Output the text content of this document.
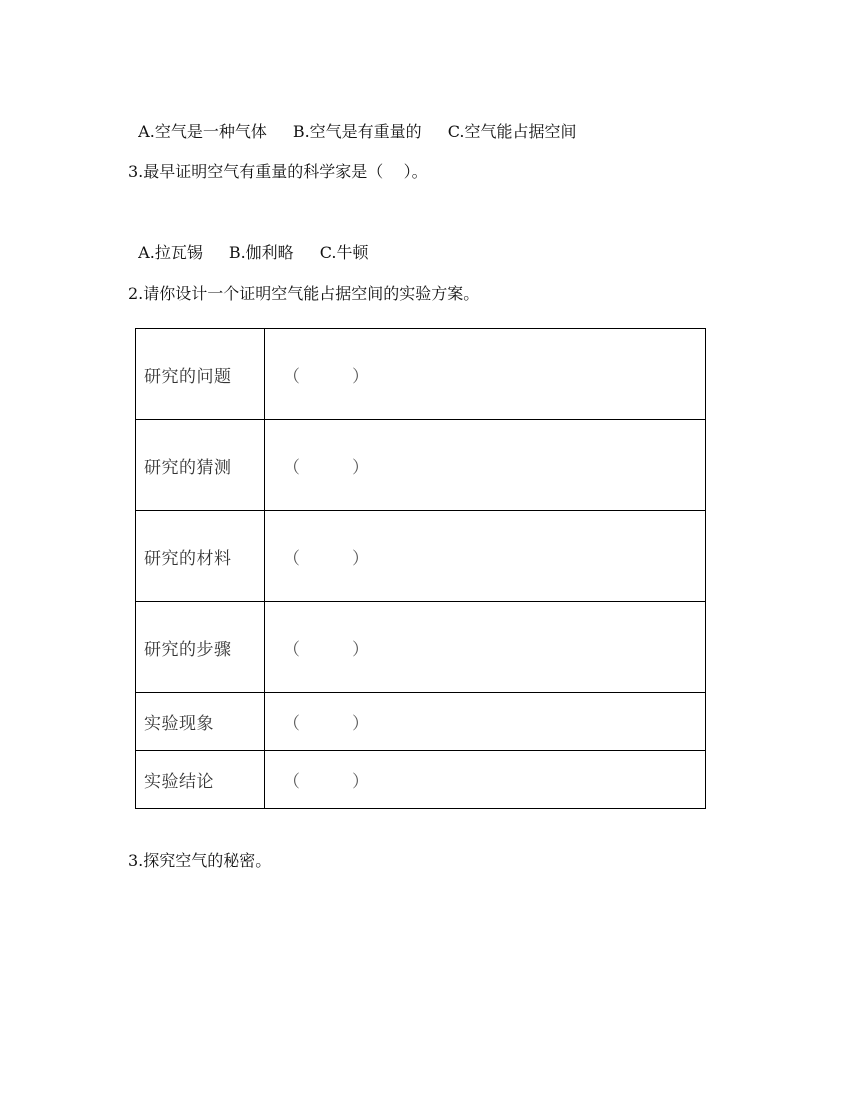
A.空气是一种气体 B.空气是有重量的 C.空气能占据空间

3.最早证明空气有重量的科学家是（    ）。

A.拉瓦锡 B.伽利略 C.牛顿

2.请你设计一个证明空气能占据空间的实验方案。
研究的问题	（ ）
研究的猜测	（ ）
研究的材料	（ ）
研究的步骤	（ ）
实验现象	（ ）
实验结论	（ ）
3.探究空气的秘密。
